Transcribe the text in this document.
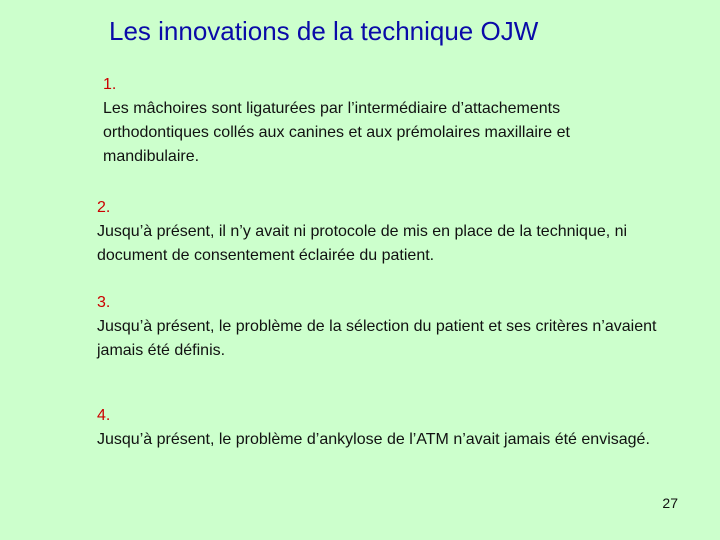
Les innovations de la technique OJW
1.
Les mâchoires sont ligaturées par l’intermédiaire d’attachements orthodontiques collés aux canines et aux prémolaires maxillaire et mandibulaire.
2.
Jusqu’à présent, il n’y avait ni protocole de mis en place de la technique, ni document de consentement éclairée du patient.
3.
Jusqu’à présent, le problème de la sélection du patient et ses critères n’avaient jamais été définis.
4.
Jusqu’à présent, le problème d’ankylose de l’ATM n’avait jamais été envisagé.
27
